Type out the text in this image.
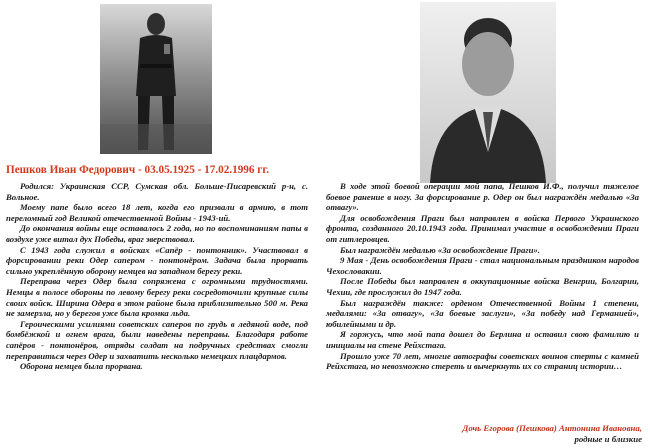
Пешков Иван Федорович - 03.05.1925 - 17.02.1996 гг.

Родился: Украинская ССР, Сумская обл. Больше-Писаревский р-н, с. Вольное.

Моему папе было всего 18 лет, когда его призвали в армию, в тот переломный год Великой отечественной Войны - 1943-ий.

До окончания войны еще оставалось 2 года, но по воспоминаниям папы в воздухе уже витал дух Победы, враг зверствовал.

С 1943 года служил в войсках «Сапёр - понтонник». Участвовал в форсировании реки Одер сапером - понтонёром. Задача была прорвать сильно укреплённую оборону немцев на западном берегу реки.

Переправа через Одер была сопряжена с огромными трудностями. Немцы в полосе обороны по левому берегу реки сосредоточили крупные силы своих войск. Ширина Одера в этом районе была приблизительно 500 м. Река не замерзла, но у берегов уже была кромка льда.

Героическими усилиями советских саперов по грудь в ледяной воде, под бомбёжкой и огнем врага, были наведены переправы. Благодаря работе сапёров - понтонёров, отряды солдат на подручных средствах смогли переправиться через Одер и захватить несколько немецких плацдармов.

Оборона немцев была прорвана.

В ходе этой боевой операции мой папа, Пешков И.Ф., получил тяжелое боевое ранение в ногу. За форсирование р. Одер он был награждён медалью «За отвагу».

Для освобождения Праги был направлен в войска Первого Украинского фронта, созданного 20.10.1943 года. Принимал участие в освобождении Праги от гитлеровцев.

Был награждён медалью «За освобождение Праги».

9 Мая - День освобождения Праги - стал национальным праздником народов Чехословакии.

После Победы был направлен в оккупационные войска Венгрии, Болгарии, Чехии, где прослужил до 1947 года.

Был награждён также: орденом Отечественной Войны 1 степени, медалями: «За отвагу», «За боевые заслуги», «За победу над Германией», юбилейными и др.

Я горжусь, что мой папа дошел до Берлина и оставил свою фамилию и инициалы на стене Рейхстага.

Прошло уже 70 лет, многие автографы советских воинов стерты с камней Рейхстага, но невозможно стереть и вычеркнуть их со страниц истории…

Дочь Егорова (Пешкова) Антонина Ивановна,
родные и близкие
